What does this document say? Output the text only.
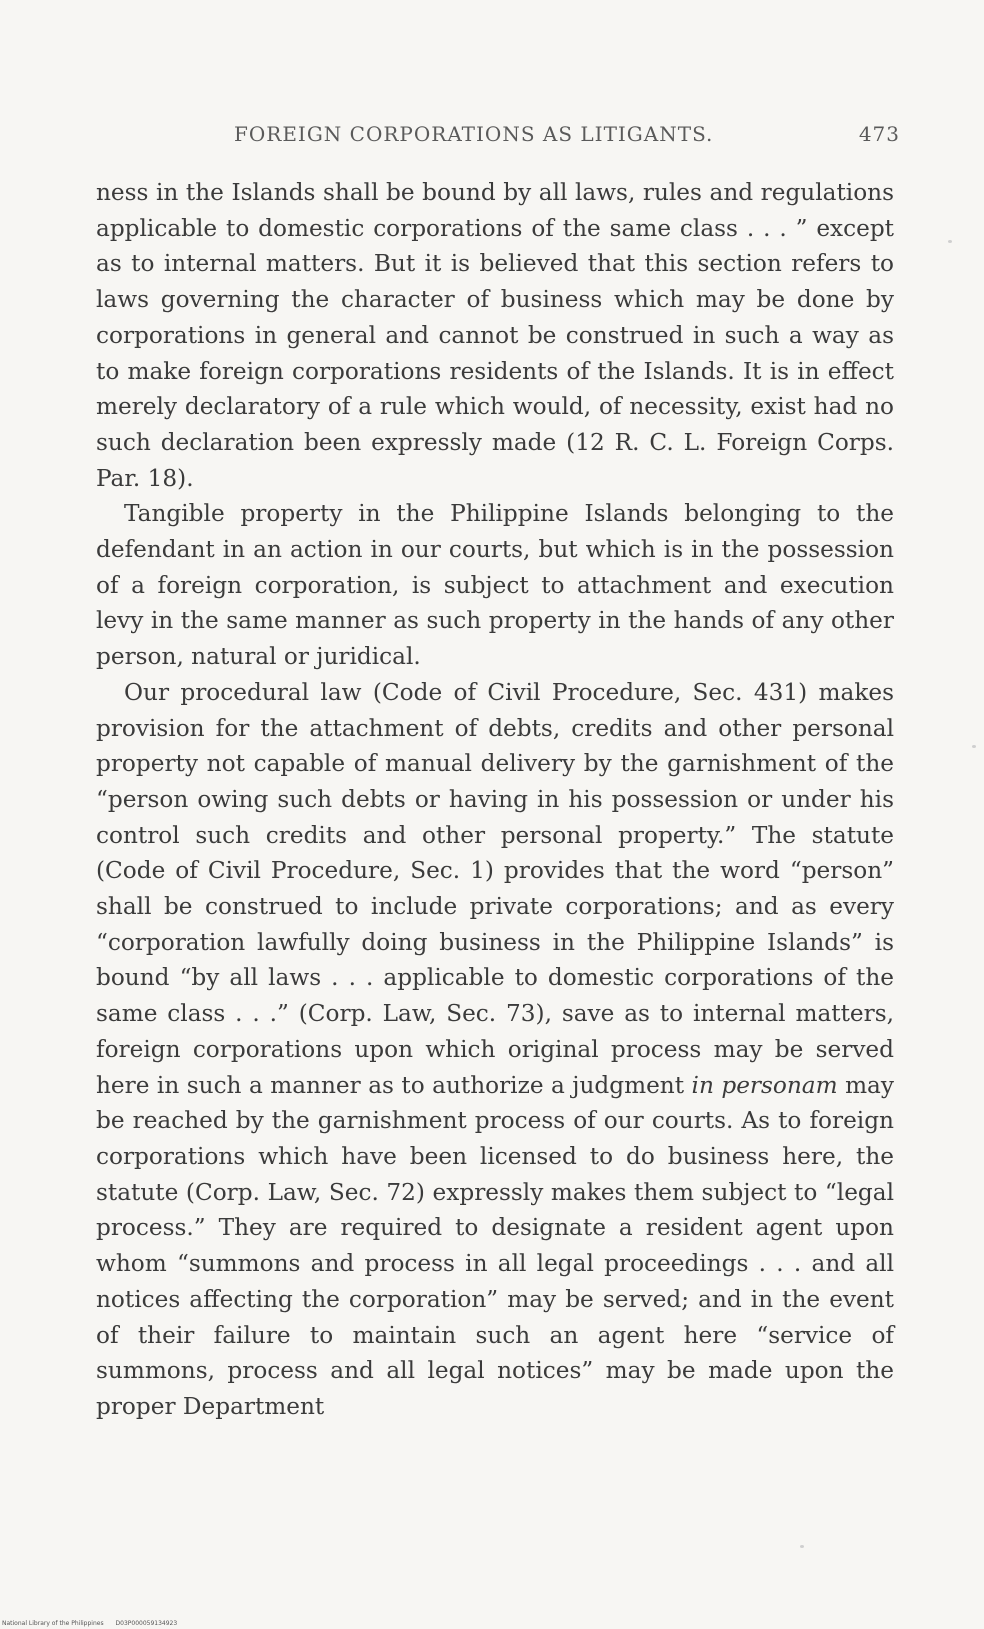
FOREIGN CORPORATIONS AS LITIGANTS.	473

ness in the Islands shall be bound by all laws, rules and regulations applicable to domestic corporations of the same class . . . ” except as to internal matters. But it is believed that this section refers to laws governing the character of business which may be done by corporations in general and cannot be construed in such a way as to make foreign corporations residents of the Islands. It is in effect merely declaratory of a rule which would, of necessity, exist had no such declaration been expressly made (12 R. C. L. Foreign Corps. Par. 18).

Tangible property in the Philippine Islands belonging to the defendant in an action in our courts, but which is in the possession of a foreign corporation, is subject to attachment and execution levy in the same manner as such property in the hands of any other person, natural or juridical.

Our procedural law (Code of Civil Procedure, Sec. 431) makes provision for the attachment of debts, credits and other personal property not capable of manual delivery by the garnishment of the “person owing such debts or having in his possession or under his control such credits and other personal property.” The statute (Code of Civil Procedure, Sec. 1) provides that the word “person” shall be construed to include private corporations; and as every “corporation lawfully doing business in the Philippine Islands” is bound “by all laws . . . applicable to domestic corporations of the same class . . .” (Corp. Law, Sec. 73), save as to internal matters, foreign corporations upon which original process may be served here in such a manner as to authorize a judgment in personam may be reached by the garnishment process of our courts. As to foreign corporations which have been licensed to do business here, the statute (Corp. Law, Sec. 72) expressly makes them subject to “legal process.” They are required to designate a resident agent upon whom “summons and process in all legal proceedings . . . and all notices affecting the corporation” may be served; and in the event of their failure to maintain such an agent here “service of summons, process and all legal notices” may be made upon the proper Department

National Library of the Philippines D03P000059134923
